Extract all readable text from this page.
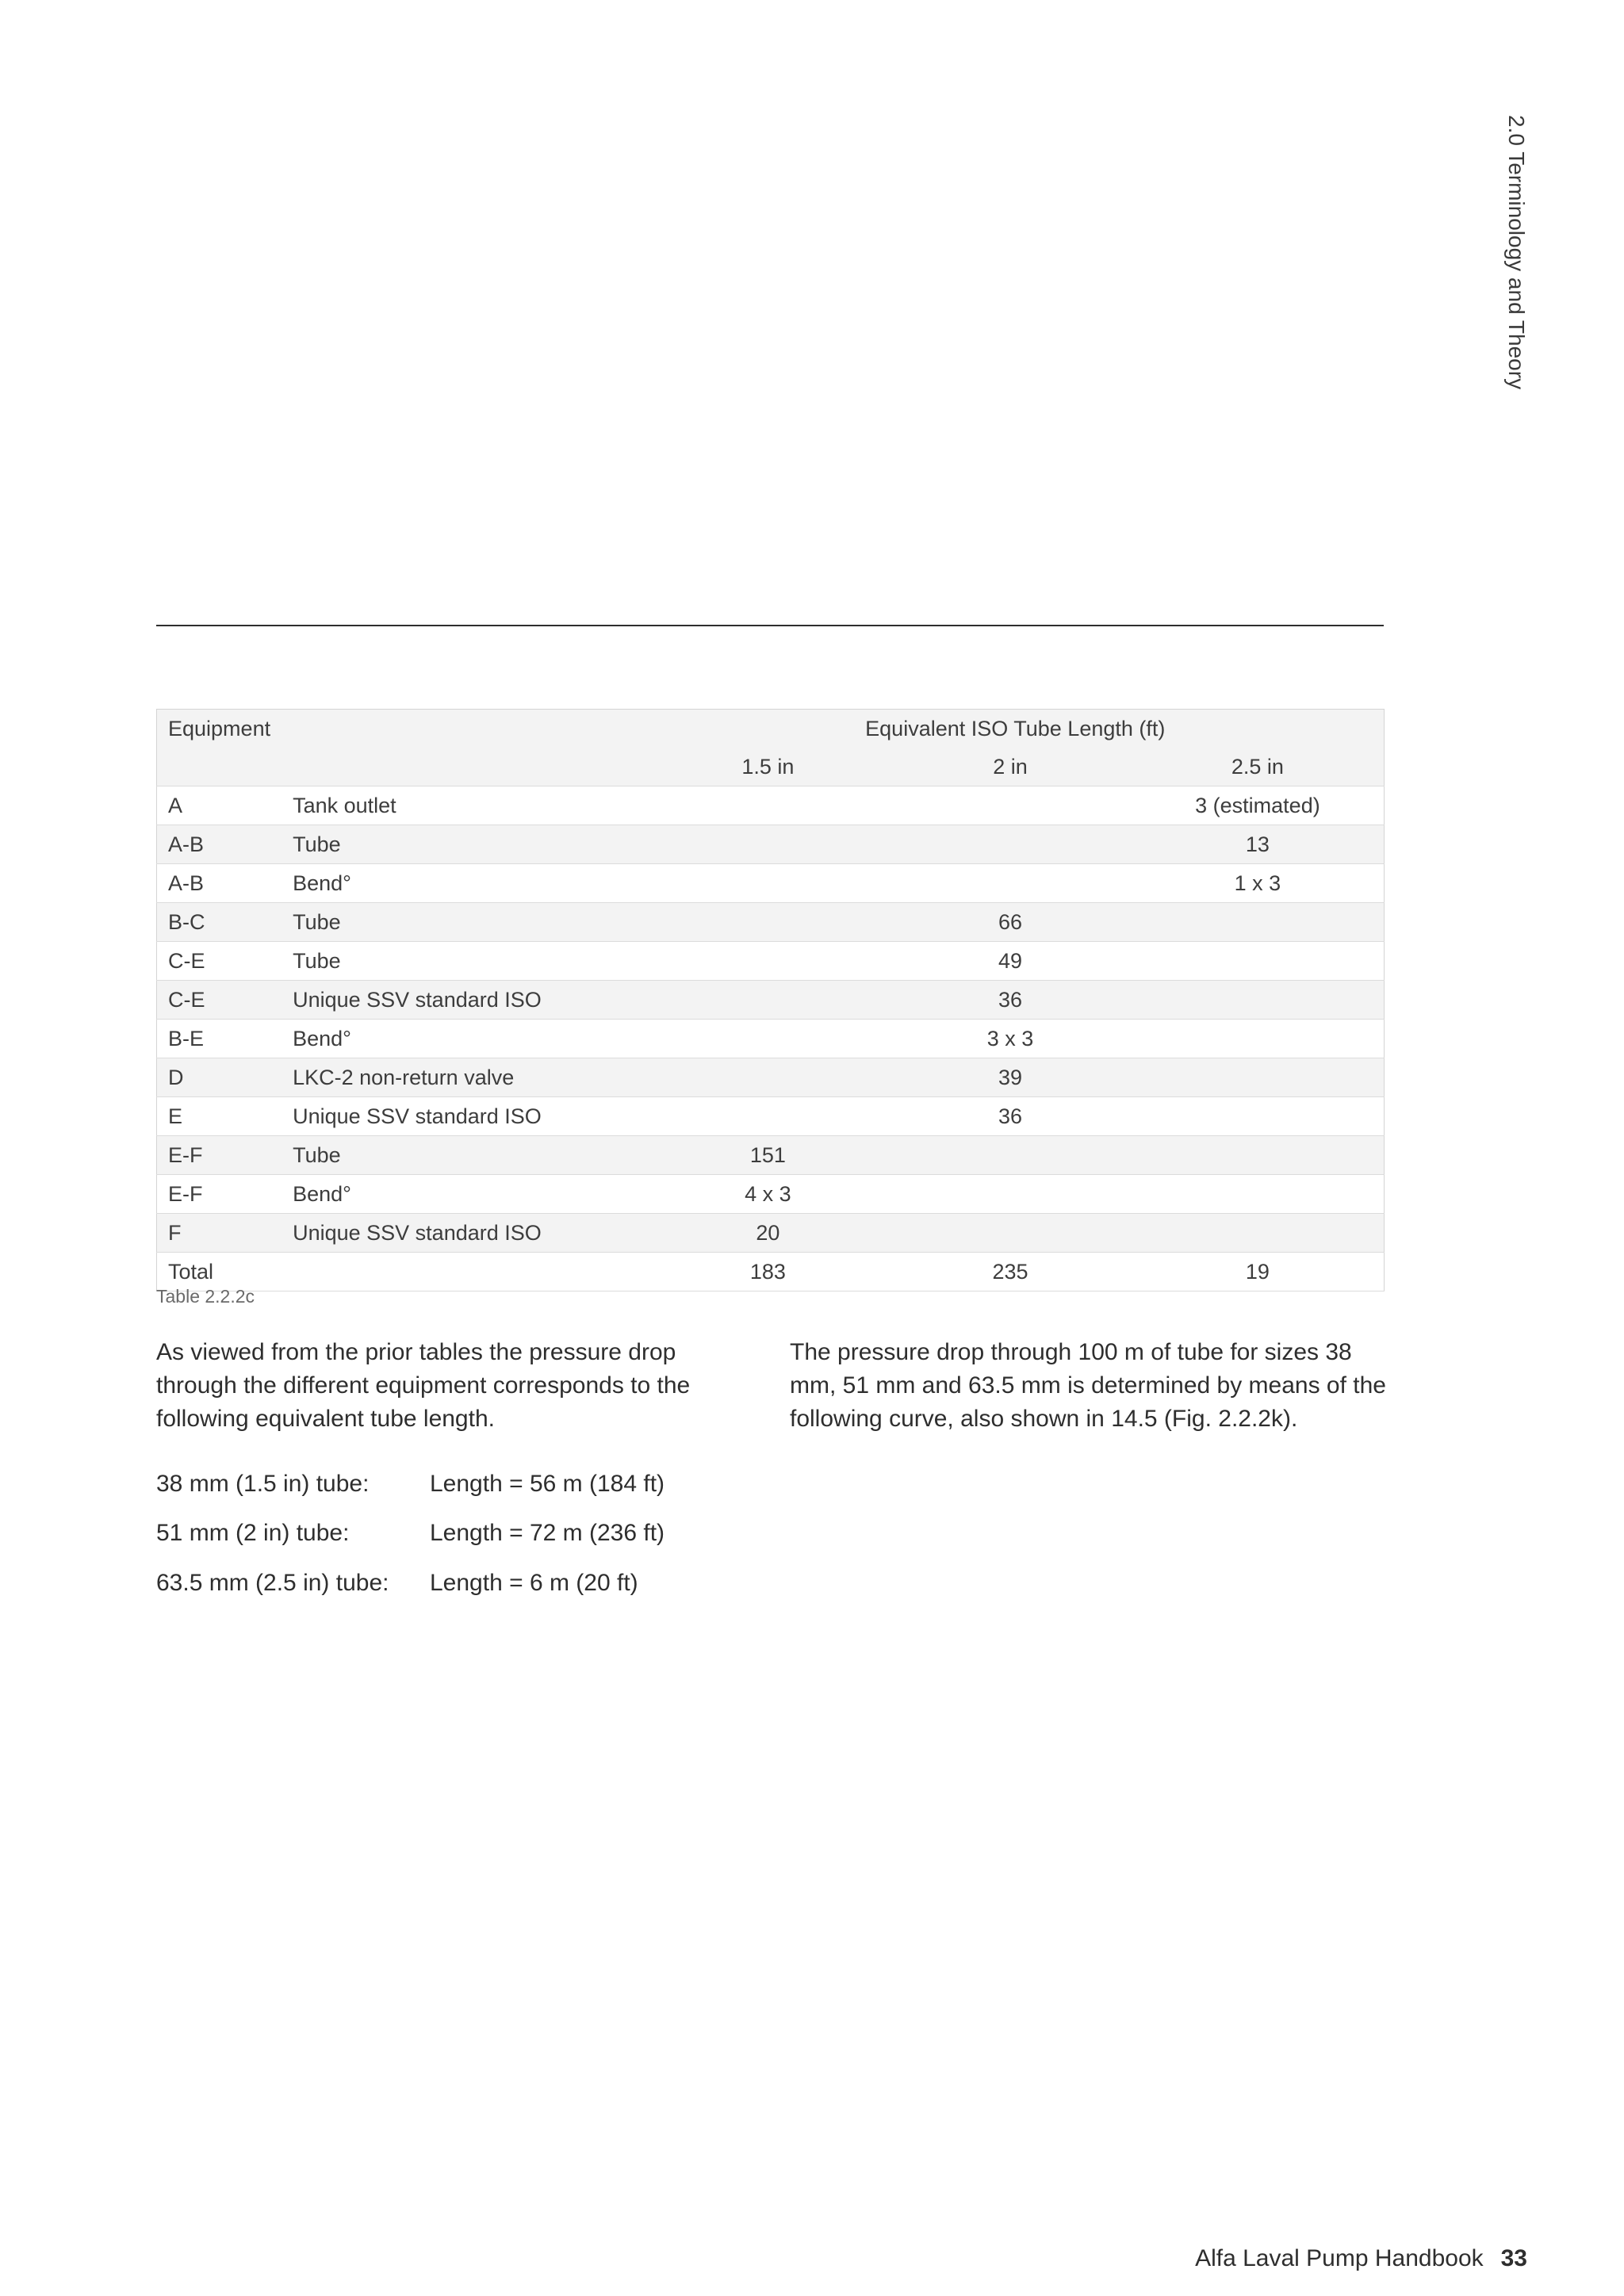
2.0 Terminology and Theory
Equipment		Equivalent ISO Tube Length (ft)		
		1.5 in	2 in	2.5 in
A	Tank outlet			3 (estimated)
A-B	Tube			13
A-B	Bend°			1 x 3
B-C	Tube		66	
C-E	Tube		49	
C-E	Unique SSV standard ISO		36	
B-E	Bend°		3 x 3	
D	LKC-2 non-return valve		39	
E	Unique SSV standard ISO		36	
E-F	Tube	151		
E-F	Bend°	4 x 3		
F	Unique SSV standard ISO	20		
Total		183	235	19
Table 2.2.2c
As viewed from the prior tables the pressure drop through the different equipment corresponds to the following equivalent tube length.
The pressure drop through 100 m of tube for sizes 38 mm, 51 mm and 63.5 mm is determined by means of the following curve, also shown in 14.5 (Fig. 2.2.2k).
38 mm (1.5 in) tube:	Length = 56 m (184 ft)
51 mm (2 in) tube:	Length = 72 m (236 ft)
63.5 mm (2.5 in) tube: Length = 6 m (20 ft)
Alfa Laval Pump Handbook 33
